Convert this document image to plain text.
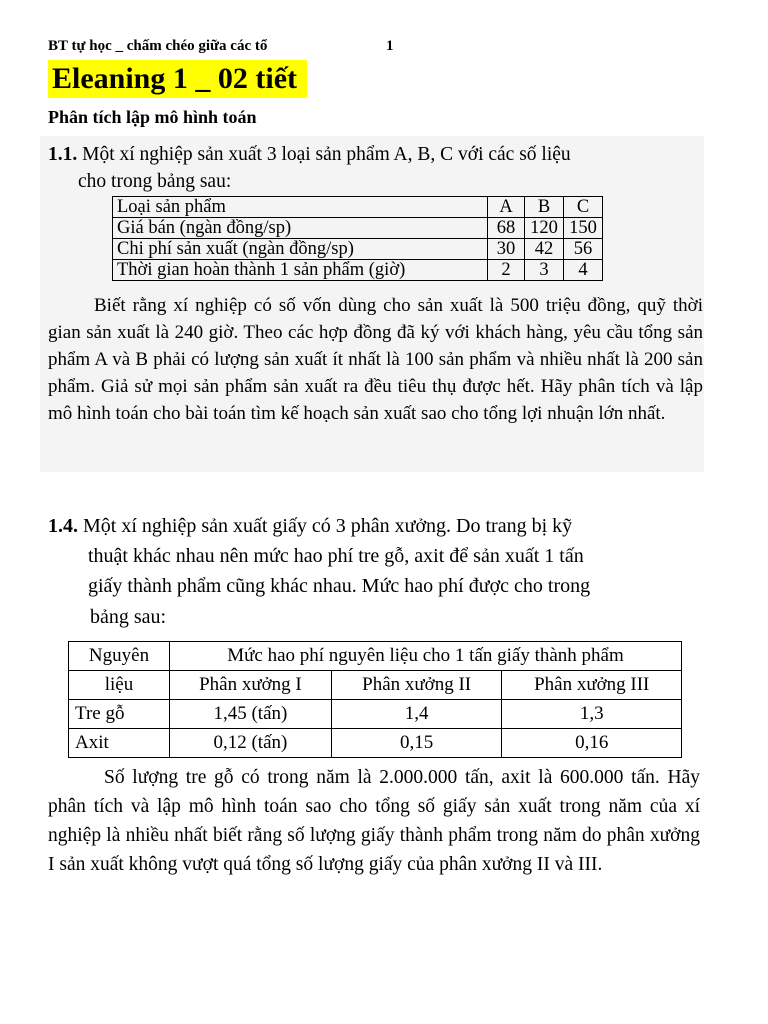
BT tự học _ chấm chéo giữa các tổ	1
Eleaning 1 _ 02 tiết
Phân tích lập mô hình toán
1.1. Một xí nghiệp sản xuất 3 loại sản phẩm A, B, C với các số liệu
cho trong bảng sau:
Loại sản phẩm	A	B	C
Giá bán (ngàn đồng/sp)	68	120	150
Chi phí sản xuất (ngàn đồng/sp)	30	42	56
Thời gian hoàn thành 1 sản phẩm (giờ)	2	3	4
Biết rằng xí nghiệp có số vốn dùng cho sản xuất là 500 triệu đồng, quỹ thời gian sản xuất là 240 giờ. Theo các hợp đồng đã ký với khách hàng, yêu cầu tổng sản phẩm A và B phải có lượng sản xuất ít nhất là 100 sản phẩm và nhiều nhất là 200 sản phẩm. Giả sử mọi sản phẩm sản xuất ra đều tiêu thụ được hết. Hãy phân tích và lập mô hình toán cho bài toán tìm kế hoạch sản xuất sao cho tổng lợi nhuận lớn nhất.
1.4. Một xí nghiệp sản xuất giấy có 3 phân xưởng. Do trang bị kỹ
thuật khác nhau nên mức hao phí tre gỗ, axit để sản xuất 1 tấn
giấy thành phẩm cũng khác nhau. Mức hao phí được cho trong
bảng sau:
Nguyên	Mức hao phí nguyên liệu cho 1 tấn giấy thành phẩm		
liệu	Phân xưởng I	Phân xưởng II	Phân xưởng III
Tre gỗ	1,45 (tấn)	1,4	1,3
Axit	0,12 (tấn)	0,15	0,16
Số lượng tre gỗ có trong năm là 2.000.000 tấn, axit là 600.000 tấn. Hãy phân tích và lập mô hình toán sao cho tổng số giấy sản xuất trong năm của xí nghiệp là nhiều nhất biết rằng số lượng giấy thành phẩm trong năm do phân xưởng I sản xuất không vượt quá tổng số lượng giấy của phân xưởng II và III.
